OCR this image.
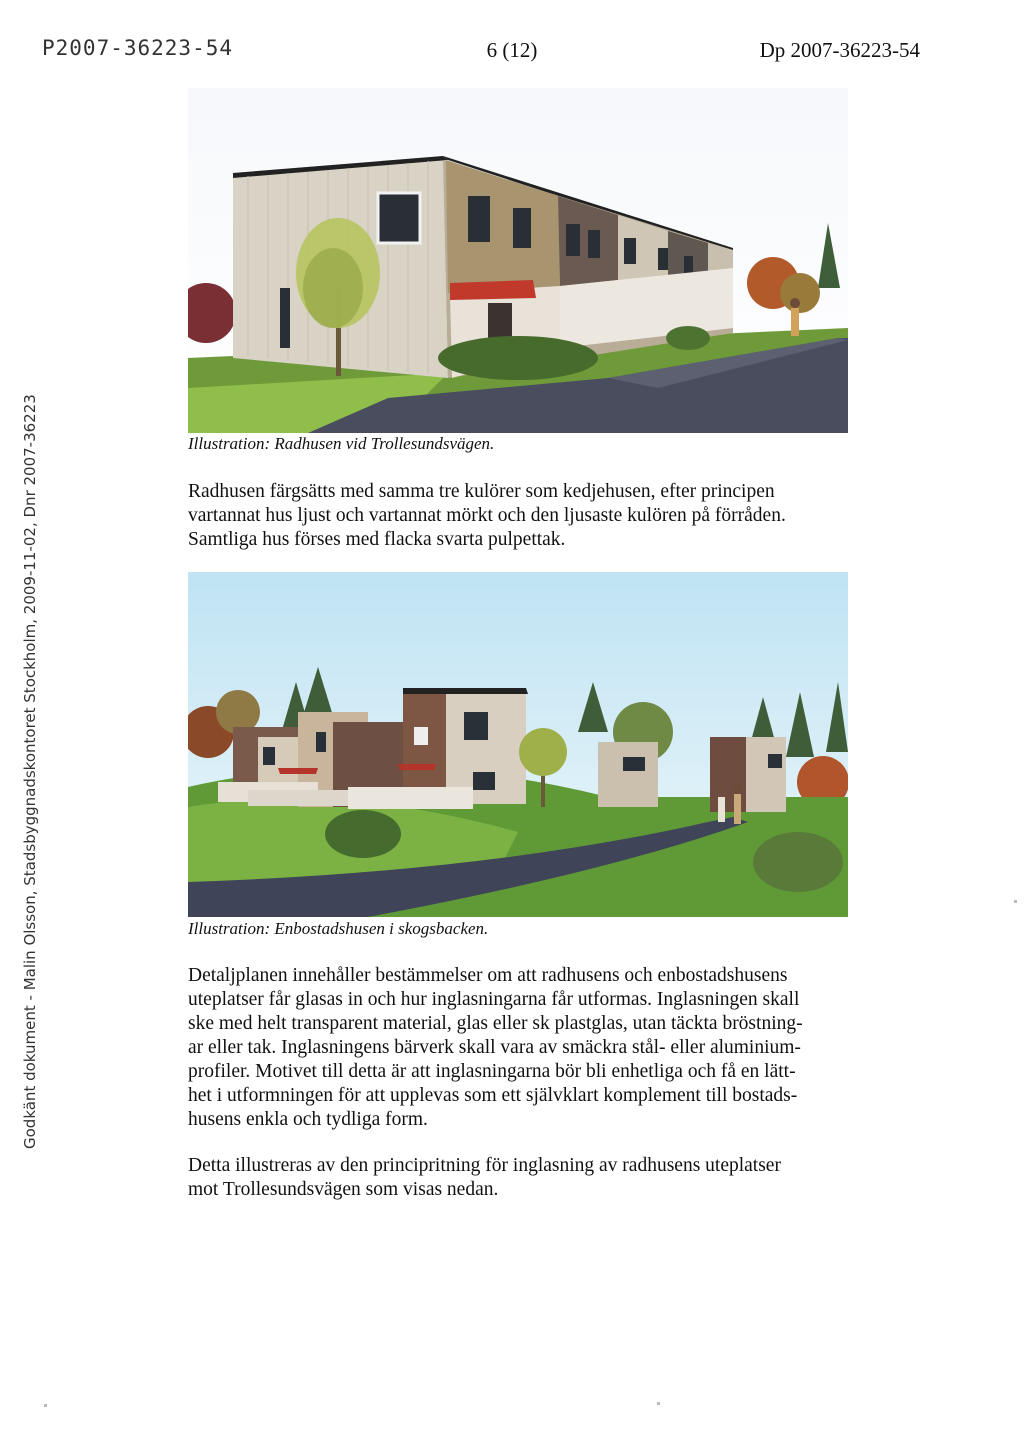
P2007-36223-54	6 (12)	Dp 2007-36223-54
Godkänt dokument - Malin Olsson, Stadsbyggnadskontoret Stockholm, 2009-11-02, Dnr 2007-36223	Illustration: Radhusen vid Trollesundsvägen.
Radhusen färgsätts med samma tre kulörer som kedjehusen, efter principen
vartannat hus ljust och vartannat mörkt och den ljusaste kulören på förråden.
Samtliga hus förses med flacka svarta pulpettak.
Illustration: Enbostadshusen i skogsbacken.
Detaljplanen innehåller bestämmelser om att radhusens och enbostadshusens
uteplatser får glasas in och hur inglasningarna får utformas. Inglasningen skall
ske med helt transparent material, glas eller sk plastglas, utan täckta bröstning-
ar eller tak. Inglasningens bärverk skall vara av smäckra stål- eller aluminium-
profiler. Motivet till detta är att inglasningarna bör bli enhetliga och få en lätt-
het i utformningen för att upplevas som ett självklart komplement till bostads-
husens enkla och tydliga form.
Detta illustreras av den principritning för inglasning av radhusens uteplatser
mot Trollesundsvägen som visas nedan.
